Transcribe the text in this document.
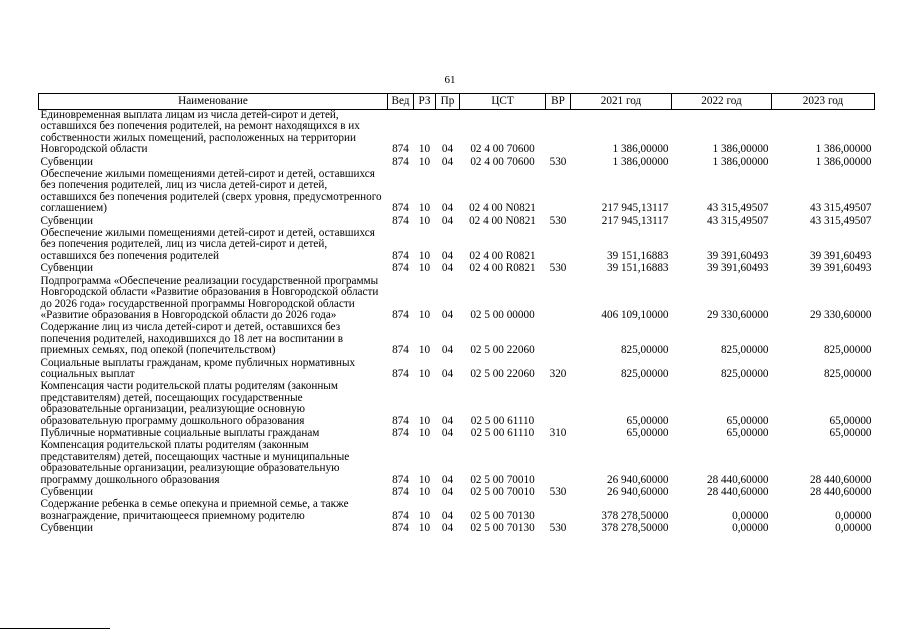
61
Наименование	Вед	РЗ	Пр	ЦСТ	ВР	2021 год	2022 год	2023 год
Единовременная выплата лицам из числа детей-сирот и детей, оставшихся без попечения родителей, на ремонт находящихся в их собственности жилых помещений, расположенных на территории Новгородской области	874	10	04	02 4 00 70600		1 386,00000	1 386,00000	1 386,00000
Субвенции	874	10	04	02 4 00 70600	530	1 386,00000	1 386,00000	1 386,00000
Обеспечение жилыми помещениями детей-сирот и детей, оставшихся без попечения родителей, лиц из числа детей-сирот и детей, оставшихся без попечения родителей (сверх уровня, предусмотренного соглашением)	874	10	04	02 4 00 N0821		217 945,13117	43 315,49507	43 315,49507
Субвенции	874	10	04	02 4 00 N0821	530	217 945,13117	43 315,49507	43 315,49507
Обеспечение жилыми помещениями детей-сирот и детей, оставшихся без попечения родителей, лиц из числа детей-сирот и детей, оставшихся без попечения родителей	874	10	04	02 4 00 R0821		39 151,16883	39 391,60493	39 391,60493
Субвенции	874	10	04	02 4 00 R0821	530	39 151,16883	39 391,60493	39 391,60493
Подпрограмма «Обеспечение реализации государственной программы Новгородской области «Развитие образования в Новгородской области до 2026 года» государственной программы Новгородской области «Развитие образования в Новгородской области до 2026 года»	874	10	04	02 5 00 00000		406 109,10000	29 330,60000	29 330,60000
Содержание лиц из числа детей-сирот и детей, оставшихся без попечения родителей, находившихся до 18 лет на воспитании в приемных семьях, под опекой (попечительством)	874	10	04	02 5 00 22060		825,00000	825,00000	825,00000
Социальные выплаты гражданам, кроме публичных нормативных социальных выплат	874	10	04	02 5 00 22060	320	825,00000	825,00000	825,00000
Компенсация части родительской платы родителям (законным представителям) детей, посещающих государственные образовательные организации, реализующие основную образовательную программу дошкольного образования	874	10	04	02 5 00 61110		65,00000	65,00000	65,00000
Публичные нормативные социальные выплаты гражданам	874	10	04	02 5 00 61110	310	65,00000	65,00000	65,00000
Компенсация родительской платы родителям (законным представителям) детей, посещающих частные и муниципальные образовательные организации, реализующие образовательную программу дошкольного образования	874	10	04	02 5 00 70010		26 940,60000	28 440,60000	28 440,60000
Субвенции	874	10	04	02 5 00 70010	530	26 940,60000	28 440,60000	28 440,60000
Содержание ребенка в семье опекуна и приемной семье, а также вознаграждение, причитающееся приемному родителю	874	10	04	02 5 00 70130		378 278,50000	0,00000	0,00000
Субвенции	874	10	04	02 5 00 70130	530	378 278,50000	0,00000	0,00000
